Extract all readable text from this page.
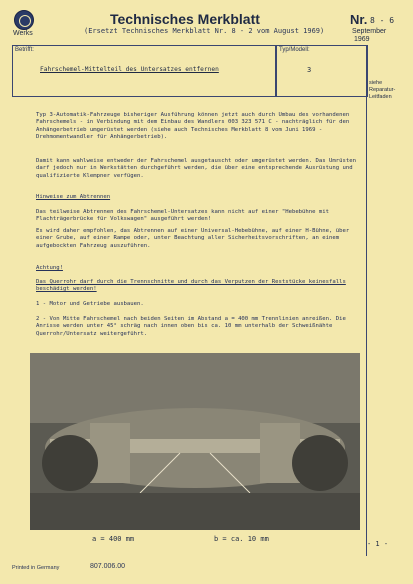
Werks
Technisches Merkblatt
(Ersetzt Technisches Merkblatt Nr. 8 - 2 vom August 1969)
Nr. 8 - 6
September
1969
Betrifft:	Typ/Modell:
Fahrschemel-Mittelteil des Untersatzes entfernen	3
siehe
Reparatur-
Leitfaden
Typ 3-Automatik-Fahrzeuge bisheriger Ausführung können jetzt auch durch Umbau des vorhandenen Fahrschemels - in Verbindung mit dem Einbau des Wandlers 003 323 571 C - nachträglich für den Anhängerbetrieb umgerüstet werden (siehe auch Technisches Merkblatt 8 vom Juni 1969 - Drehmomentwandler für Anhängerbetrieb).
Damit kann wahlweise entweder der Fahrschemel ausgetauscht oder umgerüstet werden. Das Umrüsten darf jedoch nur in Werkstätten durchgeführt werden, die über eine entsprechende Ausrüstung und qualifizierte Klempner verfügen.
Hinweise zum Abtrennen
Das teilweise Abtrennen des Fahrschemel-Untersatzes kann nicht auf einer "Hebebühne mit Flachträgerbrücke für Volkswagen" ausgeführt werden!
Es wird daher empfohlen, das Abtrennen auf einer Universal-Hebebühne, auf einer H-Bühne, über einer Grube, auf einer Rampe oder, unter Beachtung aller Sicherheitsvorschriften, an einem aufgebockten Fahrzeug auszuführen.
Achtung!
Das Querrohr darf durch die Trennschnitte und durch das Verputzen der Reststücke keinesfalls beschädigt werden!
1 - Motor und Getriebe ausbauen.
2 - Von Mitte Fahrschemel nach beiden Seiten im Abstand a = 400 mm Trennlinien anreißen. Die Anrisse werden unter 45° schräg nach innen oben bis ca. 10 mm unterhalb der Schweißnähte Querrohr/Untersatz weitergeführt.
a = 400 mm	b = ca. 10 mm
Printed in Germany	807.006.00
- 1 -
